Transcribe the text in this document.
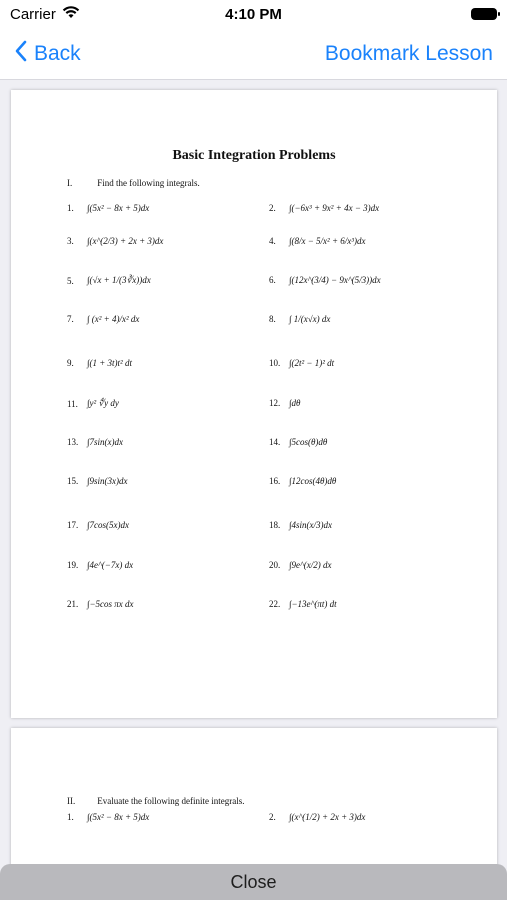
Carrier	4:10 PM
Back	Bookmark Lesson
Basic Integration Problems
I.	Find the following integrals.
1.	∫(5x² − 8x + 5)dx	2.	∫(−6x³ + 9x² + 4x − 3)dx
3.	∫(x^(2/3) + 2x + 3)dx	4.	∫(8/x − 5/x² + 6/x³)dx
5.	∫(√x + 1/(3∛x))dx	6.	∫(12x^(3/4) − 9x^(5/3))dx
7.	∫ (x² + 4)/x² dx	8.	∫ 1/(x√x) dx
9.	∫(1 + 3t)t² dt	10. ∫(2t² − 1)² dt
11.	∫y² ∜y dy	12. ∫dθ
13. ∫7sin(x)dx	14. ∫5cos(θ)dθ
15. ∫9sin(3x)dx	16. ∫12cos(4θ)dθ
17. ∫7cos(5x)dx	18. ∫4sin(x/3)dx
19. ∫4e^(−7x) dx	20. ∫9e^(x/2) dx
21. ∫−5cos πx dx	22. ∫−13e^(πt) dt
II. Evaluate the following definite integrals.
1.	∫(5x² − 8x + 5)dx	2.	∫(x^(1/2) + 2x + 3)dx
Close
